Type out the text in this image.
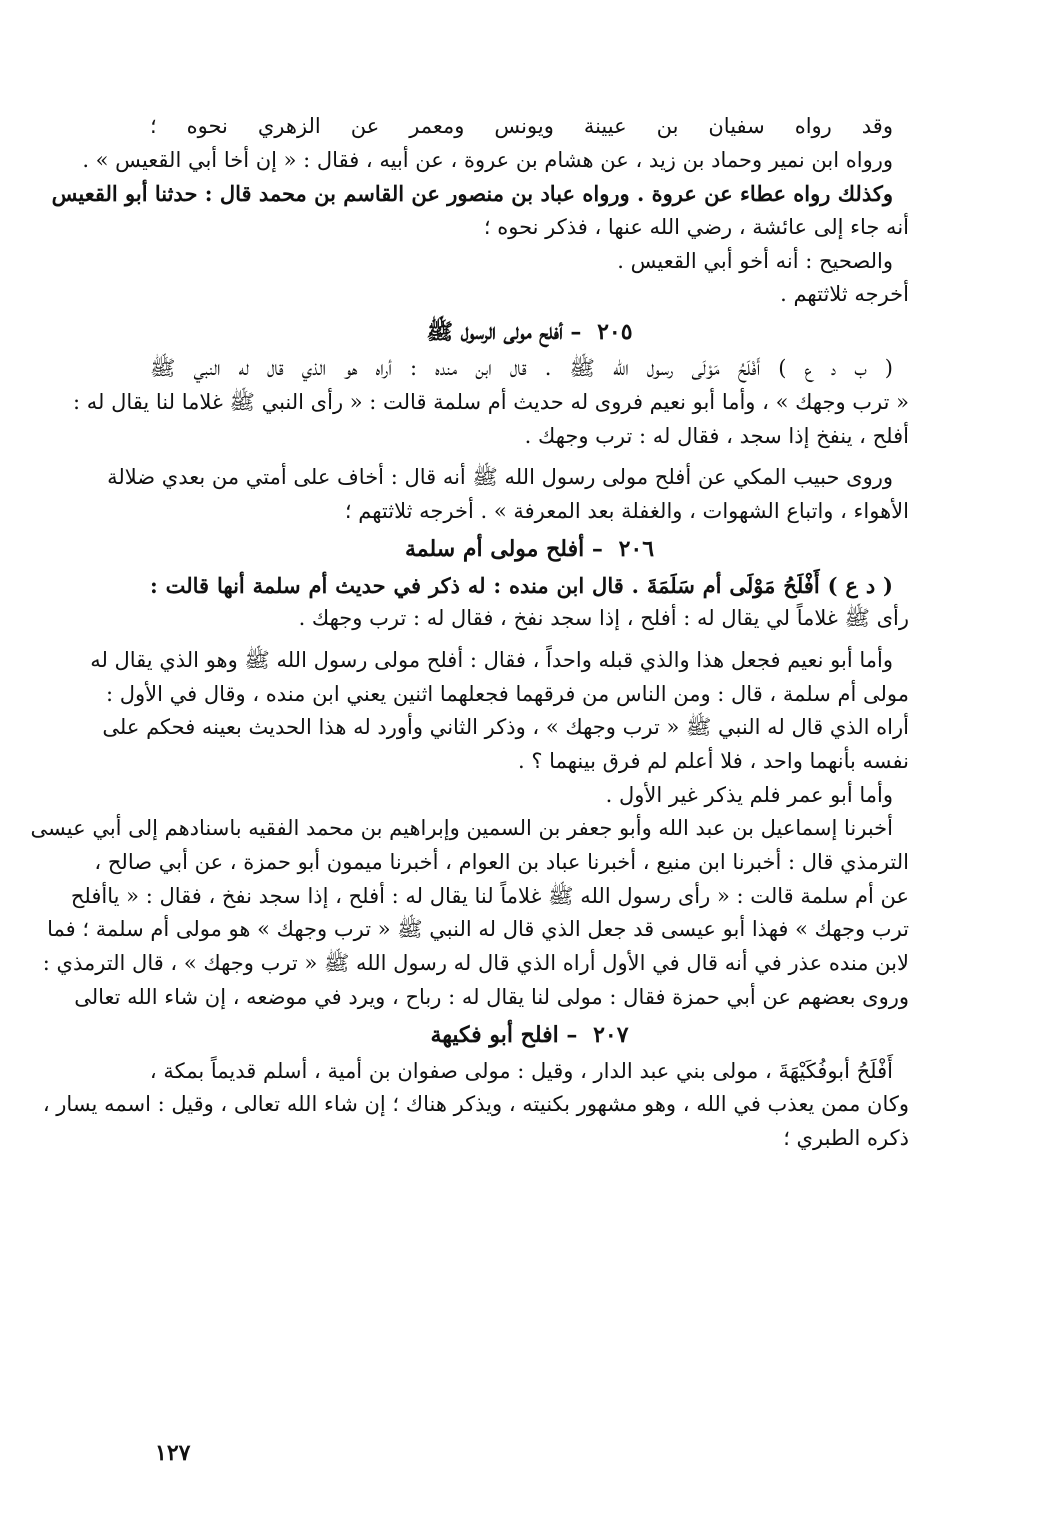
وقد رواه سفيان بن عيينة ويونس ومعمر عن الزهري نحوه ؛
ورواه ابن نمير وحماد بن زيد ، عن هشام بن عروة ، عن أبيه ، فقال : « إن أخا أبي القعيس » .
وكذلك رواه عطاء عن عروة . ورواه عباد بن منصور عن القاسم بن محمد قال : حدثنا أبو القعيس
أنه جاء إلى عائشة ، رضي الله عنها ، فذكر نحوه ؛
والصحيح : أنه أخو أبي القعيس .
أخرجه ثلاثتهم .
٢٠٥ – أفلح مولى الرسول ﷺ
( ب د ع ) أَفْلَحُ مَوْلَى رسول الله ﷺ . قال ابن منده : أراه هو الذي قال له النبي ﷺ
« ترب وجهك » ، وأما أبو نعيم فروى له حديث أم سلمة قالت : « رأى النبي ﷺ غلاما لنا يقال له :
أفلح ، ينفخ إذا سجد ، فقال له : ترب وجهك .
وروى حبيب المكي عن أفلح مولى رسول الله ﷺ أنه قال : أخاف على أمتي من بعدي ضلالة
الأهواء ، واتباع الشهوات ، والغفلة بعد المعرفة » . أخرجه ثلاثتهم ؛
٢٠٦ – أفلح مولى أم سلمة
( د ع ) أَفْلَحُ مَوْلَى أم سَلَمَةَ . قال ابن منده : له ذكر في حديث أم سلمة أنها قالت :
رأى ﷺ غلاماً لي يقال له : أفلح ، إذا سجد نفخ ، فقال له : ترب وجهك .
وأما أبو نعيم فجعل هذا والذي قبله واحداً ، فقال : أفلح مولى رسول الله ﷺ وهو الذي يقال له
مولى أم سلمة ، قال : ومن الناس من فرقهما فجعلهما اثنين يعني ابن منده ، وقال في الأول :
أراه الذي قال له النبي ﷺ « ترب وجهك » ، وذكر الثاني وأورد له هذا الحديث بعينه فحكم على
نفسه بأنهما واحد ، فلا أعلم لم فرق بينهما ؟ .
وأما أبو عمر فلم يذكر غير الأول .
أخبرنا إسماعيل بن عبد الله وأبو جعفر بن السمين وإبراهيم بن محمد الفقيه باسنادهم إلى أبي عيسى
الترمذي قال : أخبرنا ابن منيع ، أخبرنا عباد بن العوام ، أخبرنا ميمون أبو حمزة ، عن أبي صالح ،
عن أم سلمة قالت : « رأى رسول الله ﷺ غلاماً لنا يقال له : أفلح ، إذا سجد نفخ ، فقال : « ياأفلح
ترب وجهك » فهذا أبو عيسى قد جعل الذي قال له النبي ﷺ « ترب وجهك » هو مولى أم سلمة ؛ فما
لابن منده عذر في أنه قال في الأول أراه الذي قال له رسول الله ﷺ « ترب وجهك » ، قال الترمذي :
وروى بعضهم عن أبي حمزة فقال : مولى لنا يقال له : رباح ، ويرد في موضعه ، إن شاء الله تعالى
٢٠٧ – افلح أبو فكيهة
أَفْلَحُ أبوفُكَيْهَةَ ، مولى بني عبد الدار ، وقيل : مولى صفوان بن أمية ، أسلم قديماً بمكة ،
وكان ممن يعذب في الله ، وهو مشهور بكنيته ، ويذكر هناك ؛ إن شاء الله تعالى ، وقيل : اسمه يسار ،
ذكره الطبري ؛
١٢٧
